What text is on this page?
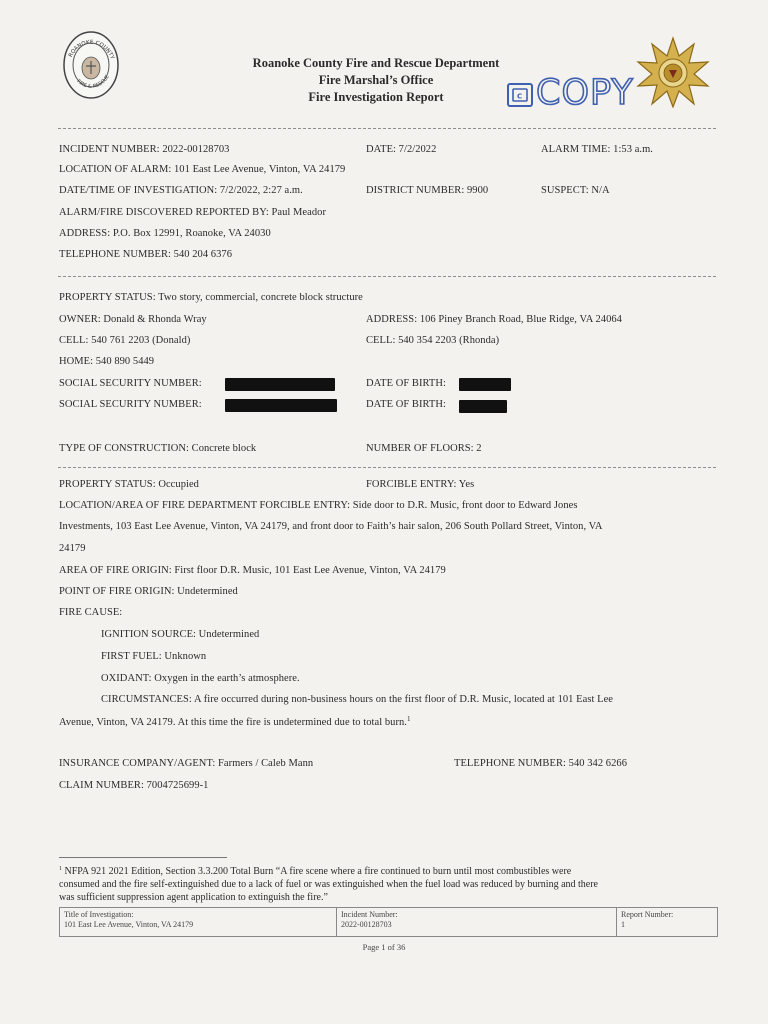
ROANOKE COUNTY
FIRE & RESCUE
Roanoke County Fire and Rescue Department
Fire Marshal’s Office
Fire Investigation Report	C COPY
INCIDENT NUMBER: 2022-00128703	DATE: 7/2/2022	ALARM TIME: 1:53 a.m.
LOCATION OF ALARM: 101 East Lee Avenue, Vinton, VA 24179
DATE/TIME OF INVESTIGATION: 7/2/2022, 2:27 a.m.	DISTRICT NUMBER: 9900	SUSPECT: N/A
ALARM/FIRE DISCOVERED REPORTED BY: Paul Meador
ADDRESS: P.O. Box 12991, Roanoke, VA 24030
TELEPHONE NUMBER: 540 204 6376
PROPERTY STATUS: Two story, commercial, concrete block structure
OWNER: Donald & Rhonda Wray	ADDRESS: 106 Piney Branch Road, Blue Ridge, VA 24064
CELL: 540 761 2203 (Donald)	CELL: 540 354 2203 (Rhonda)
HOME: 540 890 5449
SOCIAL SECURITY NUMBER:	DATE OF BIRTH:
SOCIAL SECURITY NUMBER:	DATE OF BIRTH:
TYPE OF CONSTRUCTION: Concrete block	NUMBER OF FLOORS: 2
PROPERTY STATUS: Occupied	FORCIBLE ENTRY: Yes
LOCATION/AREA OF FIRE DEPARTMENT FORCIBLE ENTRY: Side door to D.R. Music, front door to Edward Jones
Investments, 103 East Lee Avenue, Vinton, VA 24179, and front door to Faith’s hair salon, 206 South Pollard Street, Vinton, VA
24179
AREA OF FIRE ORIGIN: First floor D.R. Music, 101 East Lee Avenue, Vinton, VA 24179
POINT OF FIRE ORIGIN: Undetermined
FIRE CAUSE:
IGNITION SOURCE: Undetermined
FIRST FUEL: Unknown
OXIDANT: Oxygen in the earth’s atmosphere.
CIRCUMSTANCES: A fire occurred during non-business hours on the first floor of D.R. Music, located at 101 East Lee
Avenue, Vinton, VA 24179. At this time the fire is undetermined due to total burn.$^1$
INSURANCE COMPANY/AGENT: Farmers / Caleb Mann	TELEPHONE NUMBER: 540 342 6266
CLAIM NUMBER: 7004725699-1
$^1$ NFPA 921 2021 Edition, Section 3.3.200 Total Burn “A fire scene where a fire continued to burn until most combustibles were
consumed and the fire self-extinguished due to a lack of fuel or was extinguished when the fuel load was reduced by burning and there
was sufficient suppression agent application to extinguish the fire.”
Title of Investigation:
101 East Lee Avenue, Vinton, VA 24179
Incident Number:
2022-00128703
Report Number:
1
Page 1 of 36
